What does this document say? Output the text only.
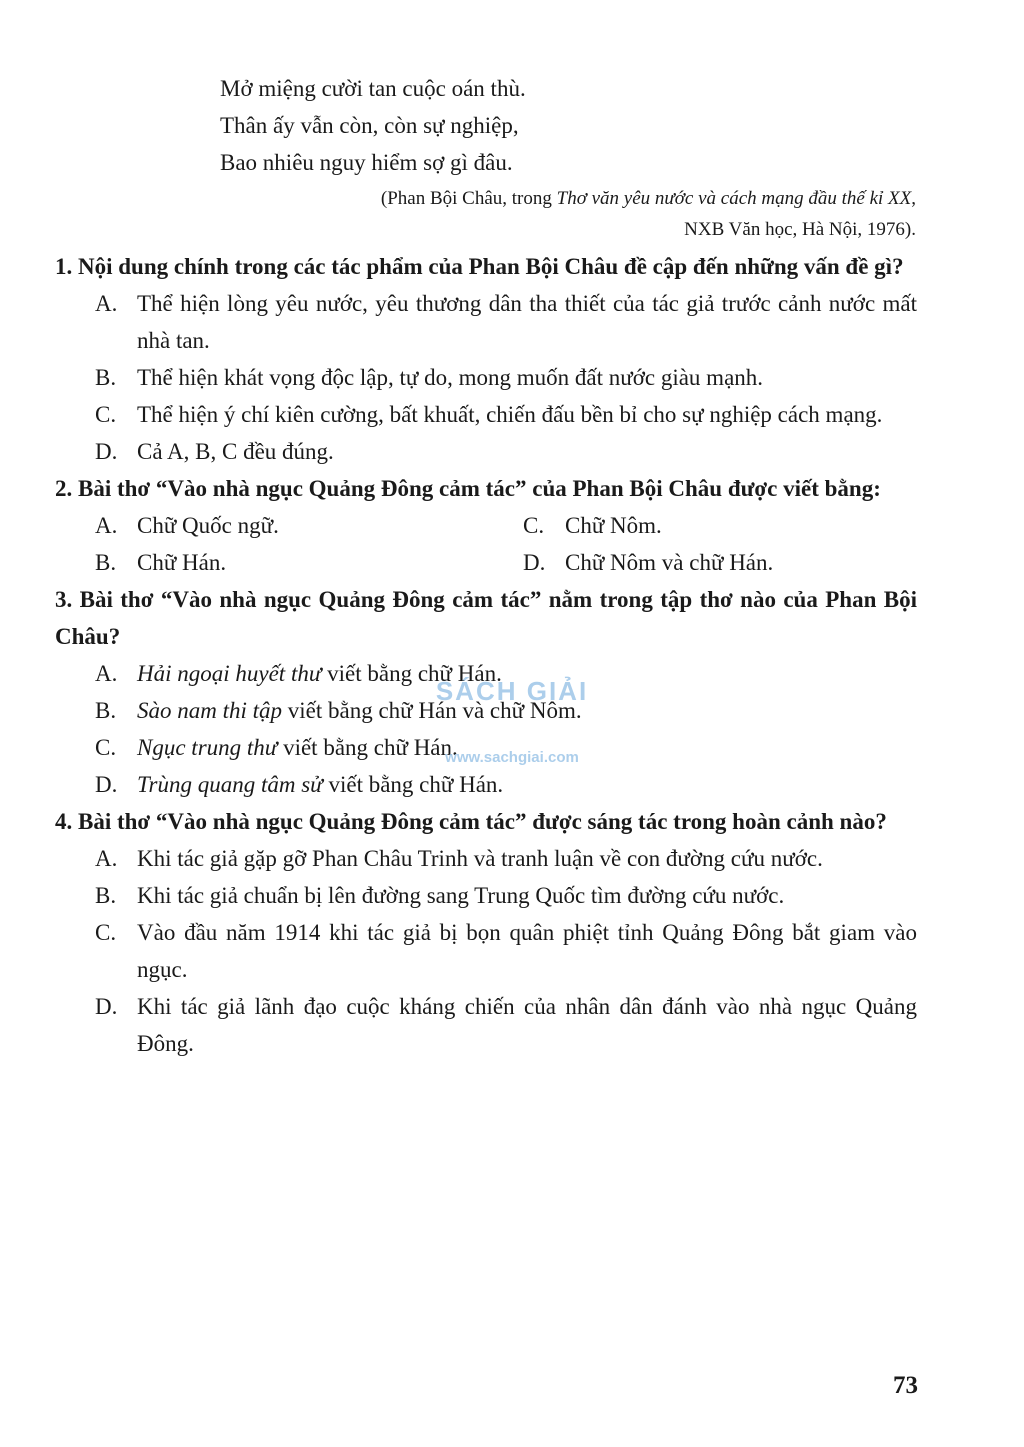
Mở miệng cười tan cuộc oán thù.
Thân ấy vẫn còn, còn sự nghiệp,
Bao nhiêu nguy hiểm sợ gì đâu.
(Phan Bội Châu, trong Thơ văn yêu nước và cách mạng đầu thế kỉ XX,
NXB Văn học, Hà Nội, 1976).

1. Nội dung chính trong các tác phẩm của Phan Bội Châu đề cập đến những vấn đề gì?

A. Thể hiện lòng yêu nước, yêu thương dân tha thiết của tác giả trước cảnh nước mất nhà tan.
B. Thể hiện khát vọng độc lập, tự do, mong muốn đất nước giàu mạnh.
C. Thể hiện ý chí kiên cường, bất khuất, chiến đấu bền bỉ cho sự nghiệp cách mạng.
D. Cả A, B, C đều đúng.

2. Bài thơ “Vào nhà ngục Quảng Đông cảm tác” của Phan Bội Châu được viết bằng:

A. Chữ Quốc ngữ.
B. Chữ Hán.
C. Chữ Nôm.
D. Chữ Nôm và chữ Hán.

3. Bài thơ “Vào nhà ngục Quảng Đông cảm tác” nằm trong tập thơ nào của Phan Bội Châu?

A. Hải ngoại huyết thư viết bằng chữ Hán.
B. Sào nam thi tập viết bằng chữ Hán và chữ Nôm.
C. Ngục trung thư viết bằng chữ Hán.
D. Trùng quang tâm sử viết bằng chữ Hán.

4. Bài thơ “Vào nhà ngục Quảng Đông cảm tác” được sáng tác trong hoàn cảnh nào?

A. Khi tác giả gặp gỡ Phan Châu Trinh và tranh luận về con đường cứu nước.
B. Khi tác giả chuẩn bị lên đường sang Trung Quốc tìm đường cứu nước.
C. Vào đầu năm 1914 khi tác giả bị bọn quân phiệt tỉnh Quảng Đông bắt giam vào ngục.
D. Khi tác giả lãnh đạo cuộc kháng chiến của nhân dân đánh vào nhà ngục Quảng Đông.
SÁCH GIẢI
www.sachgiai.com
73
